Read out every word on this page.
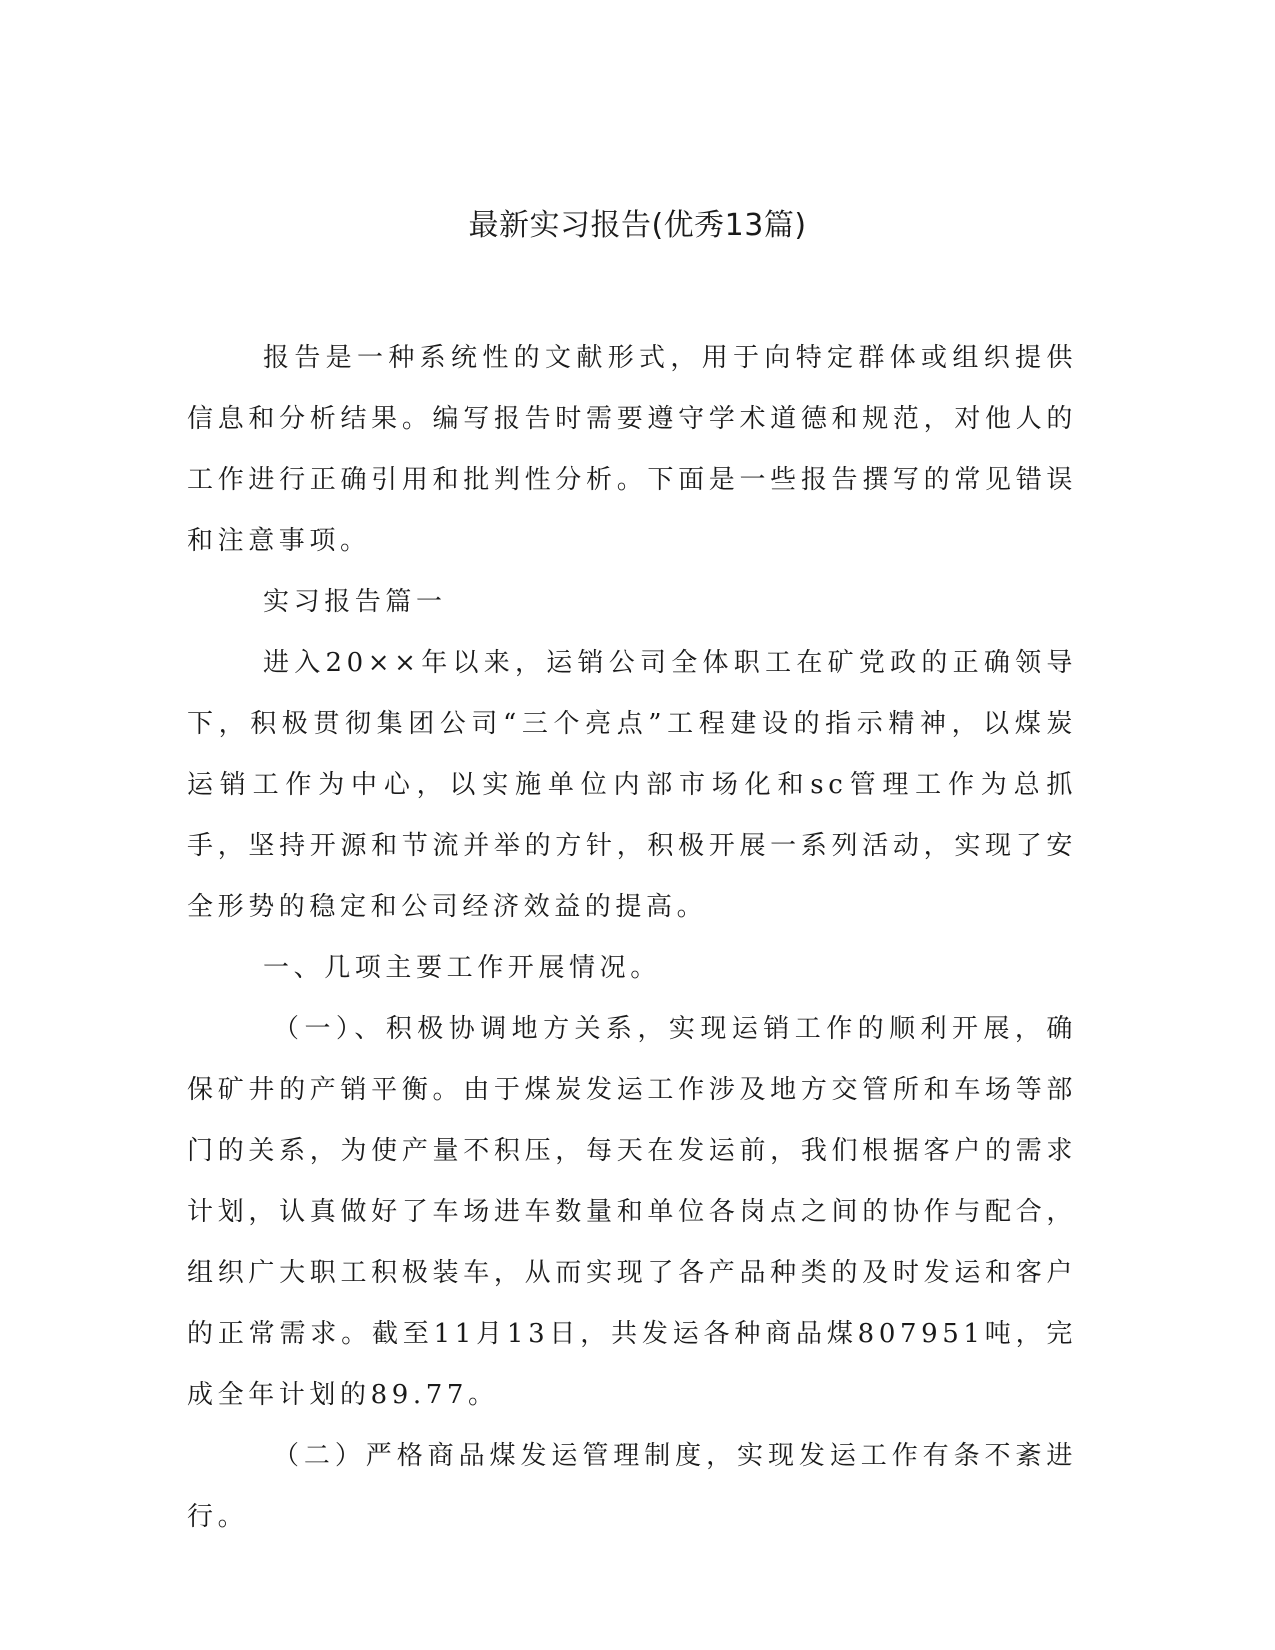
最新实习报告(优秀13篇)

报告是一种系统性的文献形式，用于向特定群体或组织提供信息和分析结果。编写报告时需要遵守学术道德和规范，对他人的工作进行正确引用和批判性分析。下面是一些报告撰写的常见错误和注意事项。

实习报告篇一

进入20××年以来，运销公司全体职工在矿党政的正确领导下，积极贯彻集团公司“三个亮点”工程建设的指示精神，以煤炭运销工作为中心，以实施单位内部市场化和sc管理工作为总抓手，坚持开源和节流并举的方针，积极开展一系列活动，实现了安全形势的稳定和公司经济效益的提高。

一、几项主要工作开展情况。

（一）、积极协调地方关系，实现运销工作的顺利开展，确保矿井的产销平衡。由于煤炭发运工作涉及地方交管所和车场等部门的关系，为使产量不积压，每天在发运前，我们根据客户的需求计划，认真做好了车场进车数量和单位各岗点之间的协作与配合，组织广大职工积极装车，从而实现了各产品种类的及时发运和客户的正常需求。截至11月13日，共发运各种商品煤807951吨，完成全年计划的89.77。

（二）严格商品煤发运管理制度，实现发运工作有条不紊进行。
